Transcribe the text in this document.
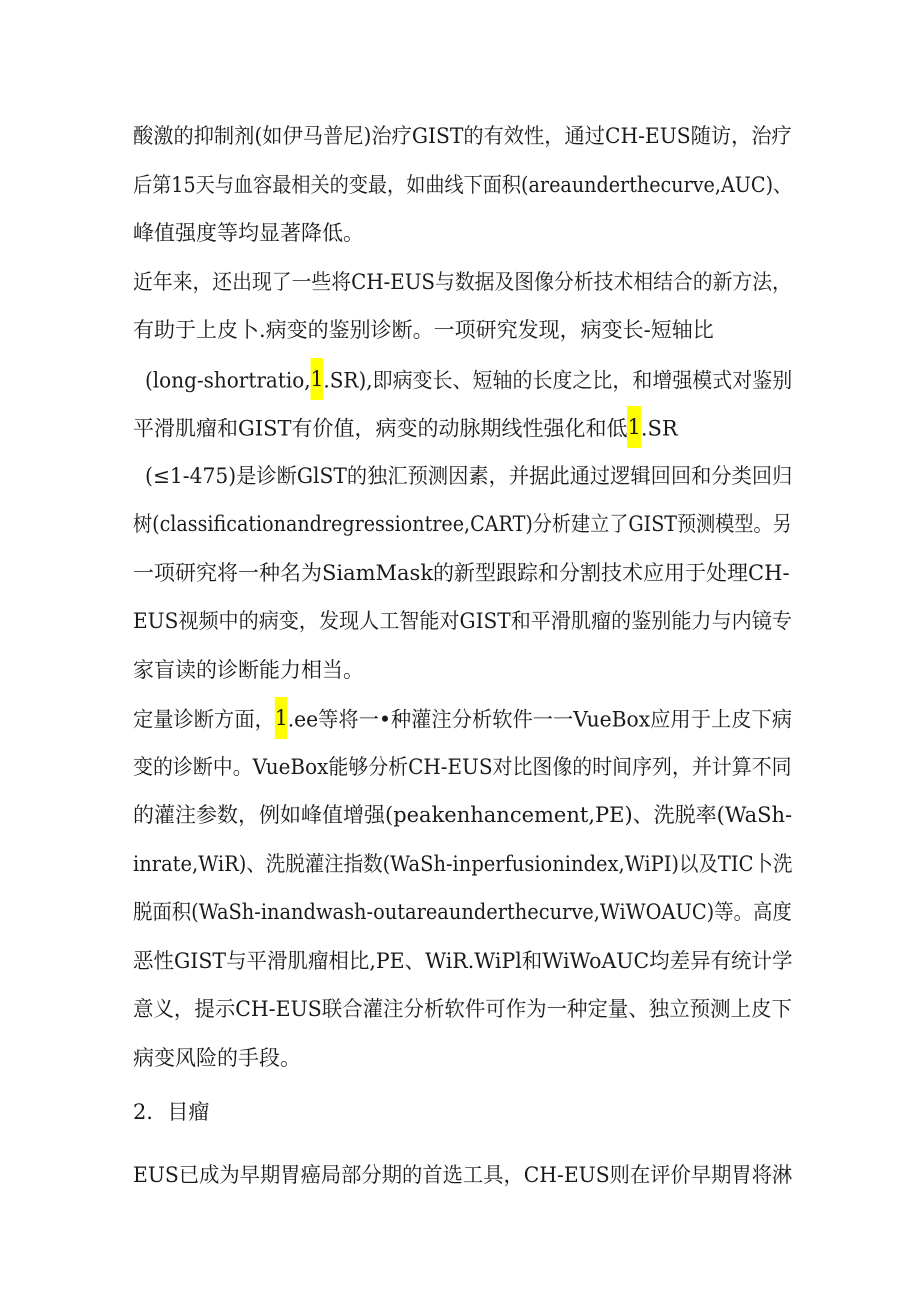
酸激的抑制剂(如伊马普尼)治疗GIST的有效性，通过CH-EUS随访，治疗
后第15天与血容最相关的变最，如曲线下面积(areaunderthecurve,AUC)、
峰值强度等均显著降低。
近年来，还出现了一些将CH-EUS与数据及图像分析技术相结合的新方法，
有助于上皮卜.病变的鉴别诊断。一项研究发现，病变长-短轴比
(long-shortratio,1.SR),即病变长、短轴的长度之比，和增强模式对鉴别
平滑肌瘤和GIST有价值，病变的动脉期线性强化和低1.SR
(≤1-475)是诊断GlST的独汇预测因素，并据此通过逻辑回回和分类回归
树(classificationandregressiontree,CART)分析建立了GIST预测模型。另
一项研究将一种名为SiamMask的新型跟踪和分割技术应用于处理CH-
EUS视频中的病变，发现人工智能对GIST和平滑肌瘤的鉴别能力与内镜专
家盲读的诊断能力相当。
定量诊断方面，1.ee等将一•种灌注分析软件一一VueBox应用于上皮下病
变的诊断中。VueBox能够分析CH-EUS对比图像的时间序列，并计算不同
的灌注参数，例如峰值增强(peakenhancement,PE)、洗脱率(WaSh-
inrate,WiR)、洗脱灌注指数(WaSh-inperfusionindex,WiPI)以及TIC卜洗
脱面积(WaSh-inandwash-outareaunderthecurve,WiWOAUC)等。高度
恶性GIST与平滑肌瘤相比,PE、WiR.WiPl和WiWoAUC均差异有统计学
意义，提示CH-EUS联合灌注分析软件可作为一种定量、独立预测上皮下
病变风险的手段。
2．目瘤
EUS已成为早期胃癌局部分期的首选工具，CH-EUS则在评价早期胃将淋
